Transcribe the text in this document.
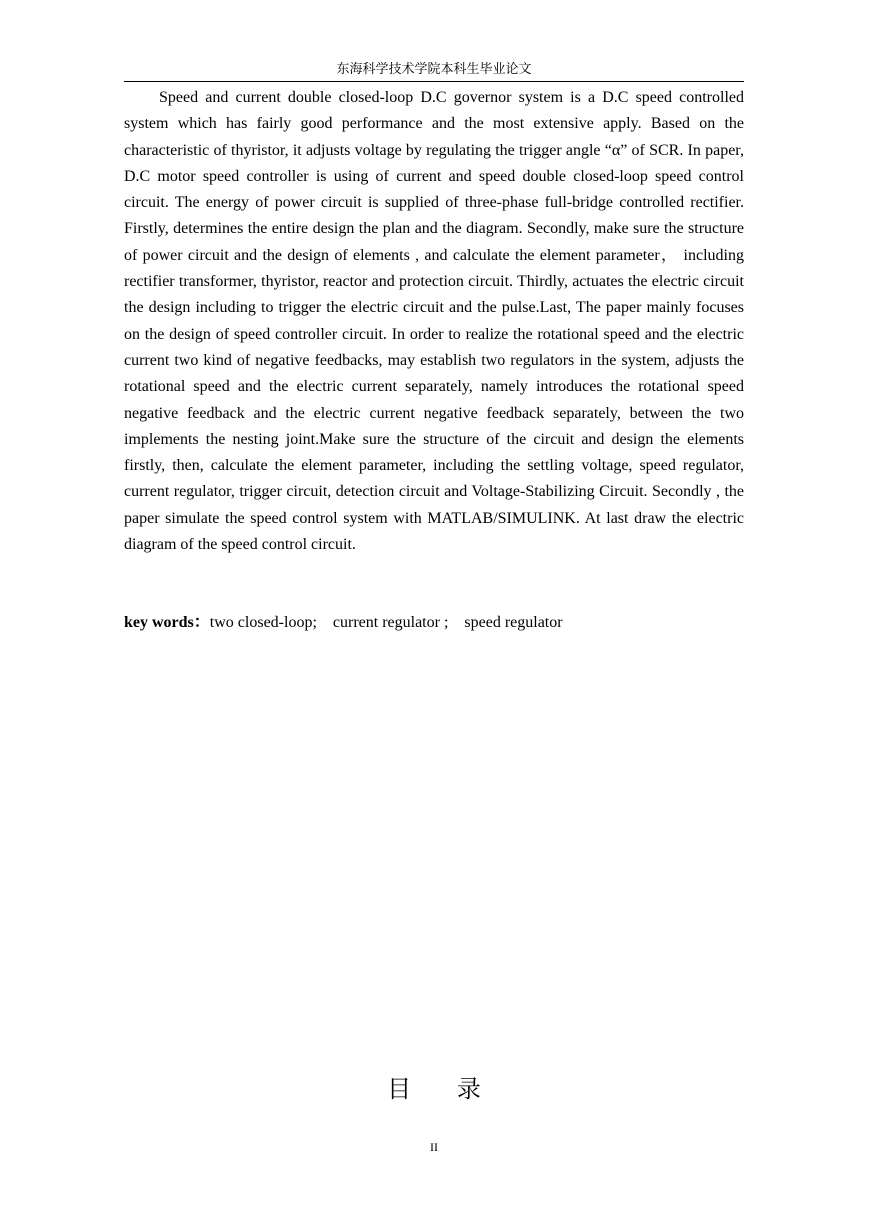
东海科学技术学院本科生毕业论文

Speed and current double closed-loop D.C governor system is a D.C speed controlled system which has fairly good performance and the most extensive apply. Based on the characteristic of thyristor, it adjusts voltage by regulating the trigger angle “α” of SCR. In paper, D.C motor speed controller is using of current and speed double closed-loop speed control circuit. The energy of power circuit is supplied of three-phase full-bridge controlled rectifier. Firstly, determines the entire design the plan and the diagram. Secondly, make sure the structure of power circuit and the design of elements , and calculate the element parameter， including rectifier transformer, thyristor, reactor and protection circuit. Thirdly, actuates the electric circuit the design including to trigger the electric circuit and the pulse.Last, The paper mainly focuses on the design of speed controller circuit. In order to realize the rotational speed and the electric current two kind of negative feedbacks, may establish two regulators in the system, adjusts the rotational speed and the electric current separately, namely introduces the rotational speed negative feedback and the electric current negative feedback separately, between the two implements the nesting joint.Make sure the structure of the circuit and design the elements firstly, then, calculate the element parameter, including the settling voltage, speed regulator, current regulator, trigger circuit, detection circuit and Voltage-Stabilizing Circuit. Secondly , the paper simulate the speed control system with MATLAB/SIMULINK. At last draw the electric diagram of the speed control circuit.

key words：two closed-loop;    current regulator ;    speed regulator
目      录
II
